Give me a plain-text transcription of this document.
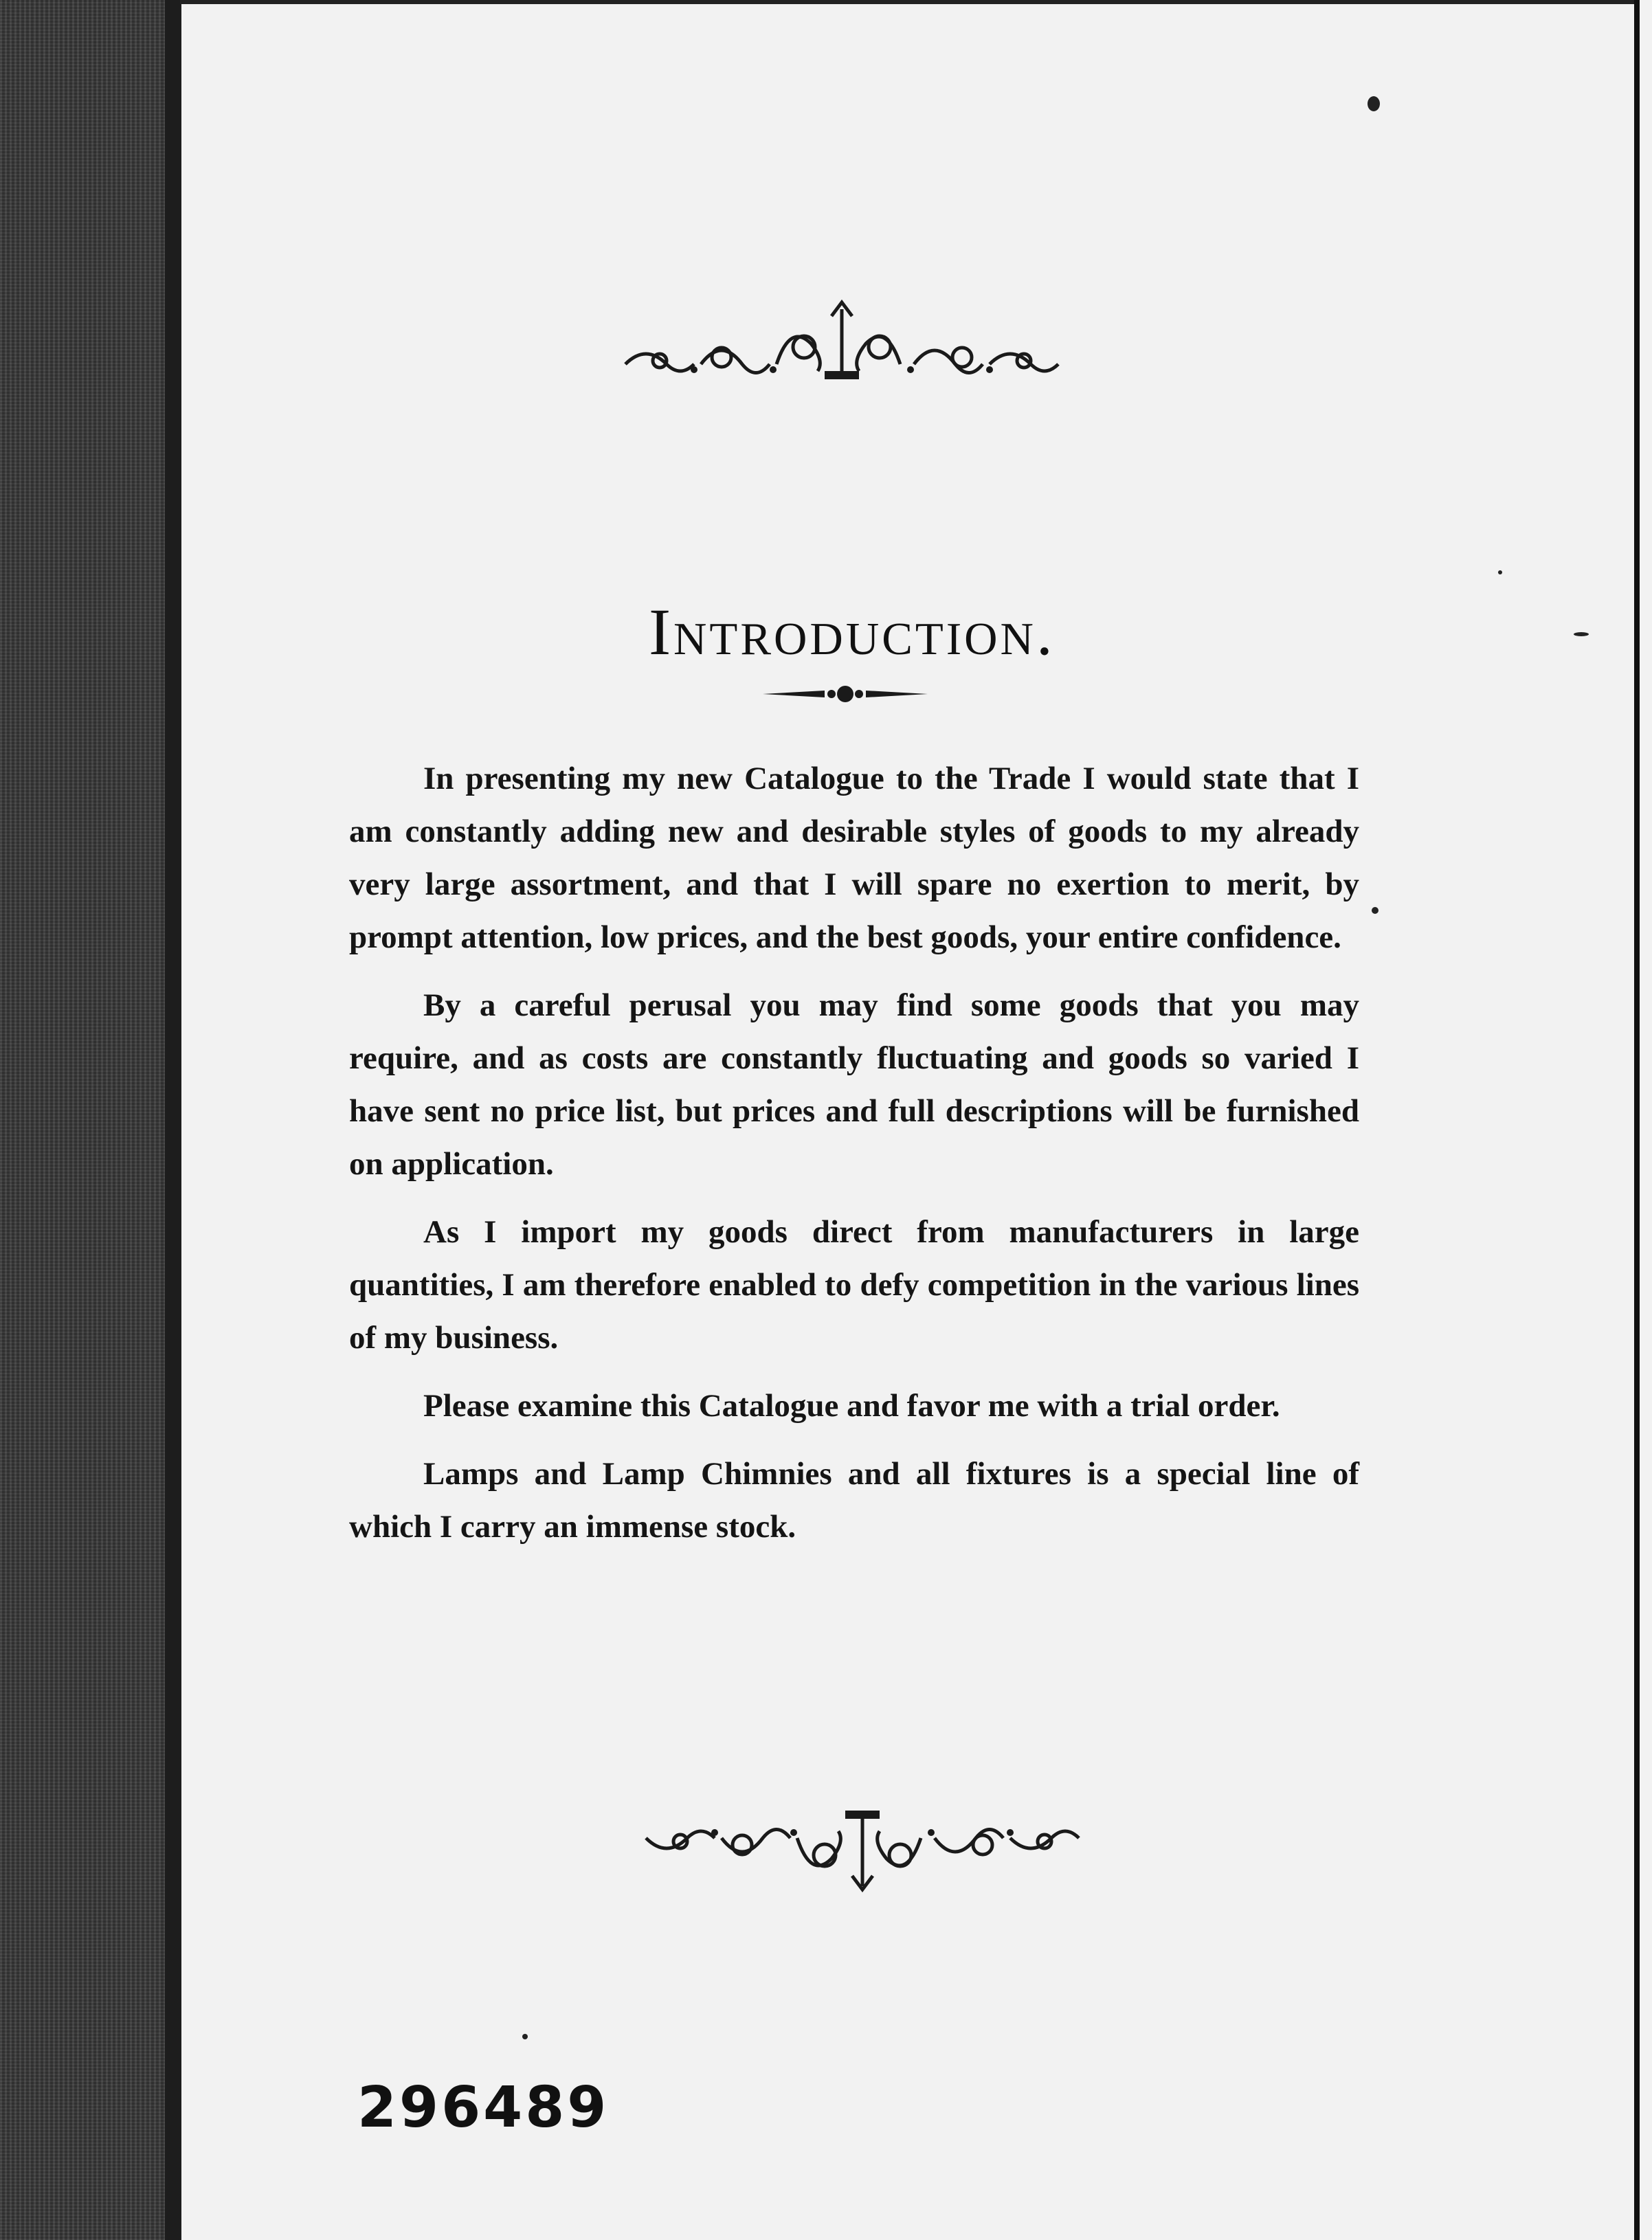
Introduction.

In presenting my new Catalogue to the Trade I would state that I am constantly adding new and desirable styles of goods to my already very large assortment, and that I will spare no exertion to merit, by prompt attention, low prices, and the best goods, your entire confidence.

By a careful perusal you may find some goods that you may require, and as costs are constantly fluctuating and goods so varied I have sent no price list, but prices and full descriptions will be furnished on application.

As I import my goods direct from manufacturers in large quantities, I am therefore enabled to defy competition in the various lines of my business.

Please examine this Catalogue and favor me with a trial order.

Lamps and Lamp Chimnies and all fixtures is a special line of which I carry an immense stock.

296489
